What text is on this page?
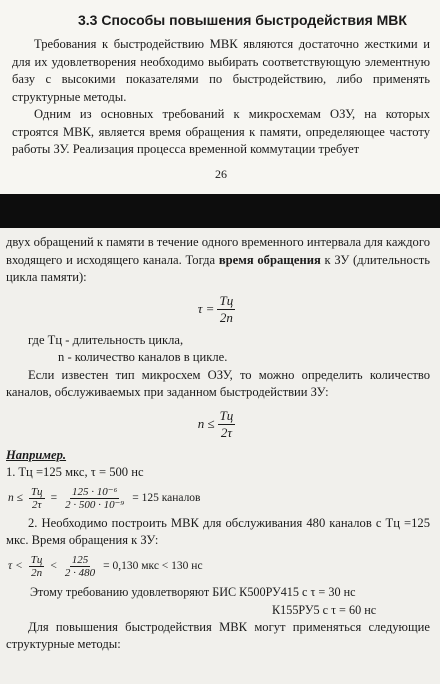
3.3 Способы повышения быстродействия МВК

Требования к быстродействию МВК являются достаточно жесткими и для их удовлетворения необходимо выбирать соответствующую элементную базу с высокими показателями по быстродействию, либо применять структурные методы.

Одним из основных требований к микросхемам ОЗУ, на которых строятся МВК, является время обращения к памяти, определяющее частоту работы ЗУ. Реализация процесса временной коммутации требует

26

двух обращений к памяти в течение одного временного интервала для каждого входящего и исходящего канала. Тогда время обращения к ЗУ (длительность цикла памяти):

$\tau = \frac{Tц}{2n}$
где Tц - длительность цикла,
n - количество каналов в цикле.

Если известен тип микросхем ОЗУ, то можно определить количество каналов, обслуживаемых при заданном быстродействии ЗУ:

$n \le \frac{Tц}{2\tau}$
Например.
1. Tц =125 мкс, τ = 500 нс
$n \le \frac{Tц}{2\tau} = \frac{\text{125 · 10⁻⁶}}{\text{2 · 500 · 10⁻⁹}} = 125$ каналов

2. Необходимо построить МВК для обслуживания 480 каналов с Tц =125 мкс. Время обращения к ЗУ:

$\tau < \frac{Tц}{2n} < \frac{125}{2 \cdot 480} = 0,130$ мкс < 130 нс
Этому требованию удовлетворяют БИС К500РУ415 с τ = 30 нс
К155РУ5 с τ = 60 нс

Для повышения быстродействия МВК могут применяться следующие структурные методы:
